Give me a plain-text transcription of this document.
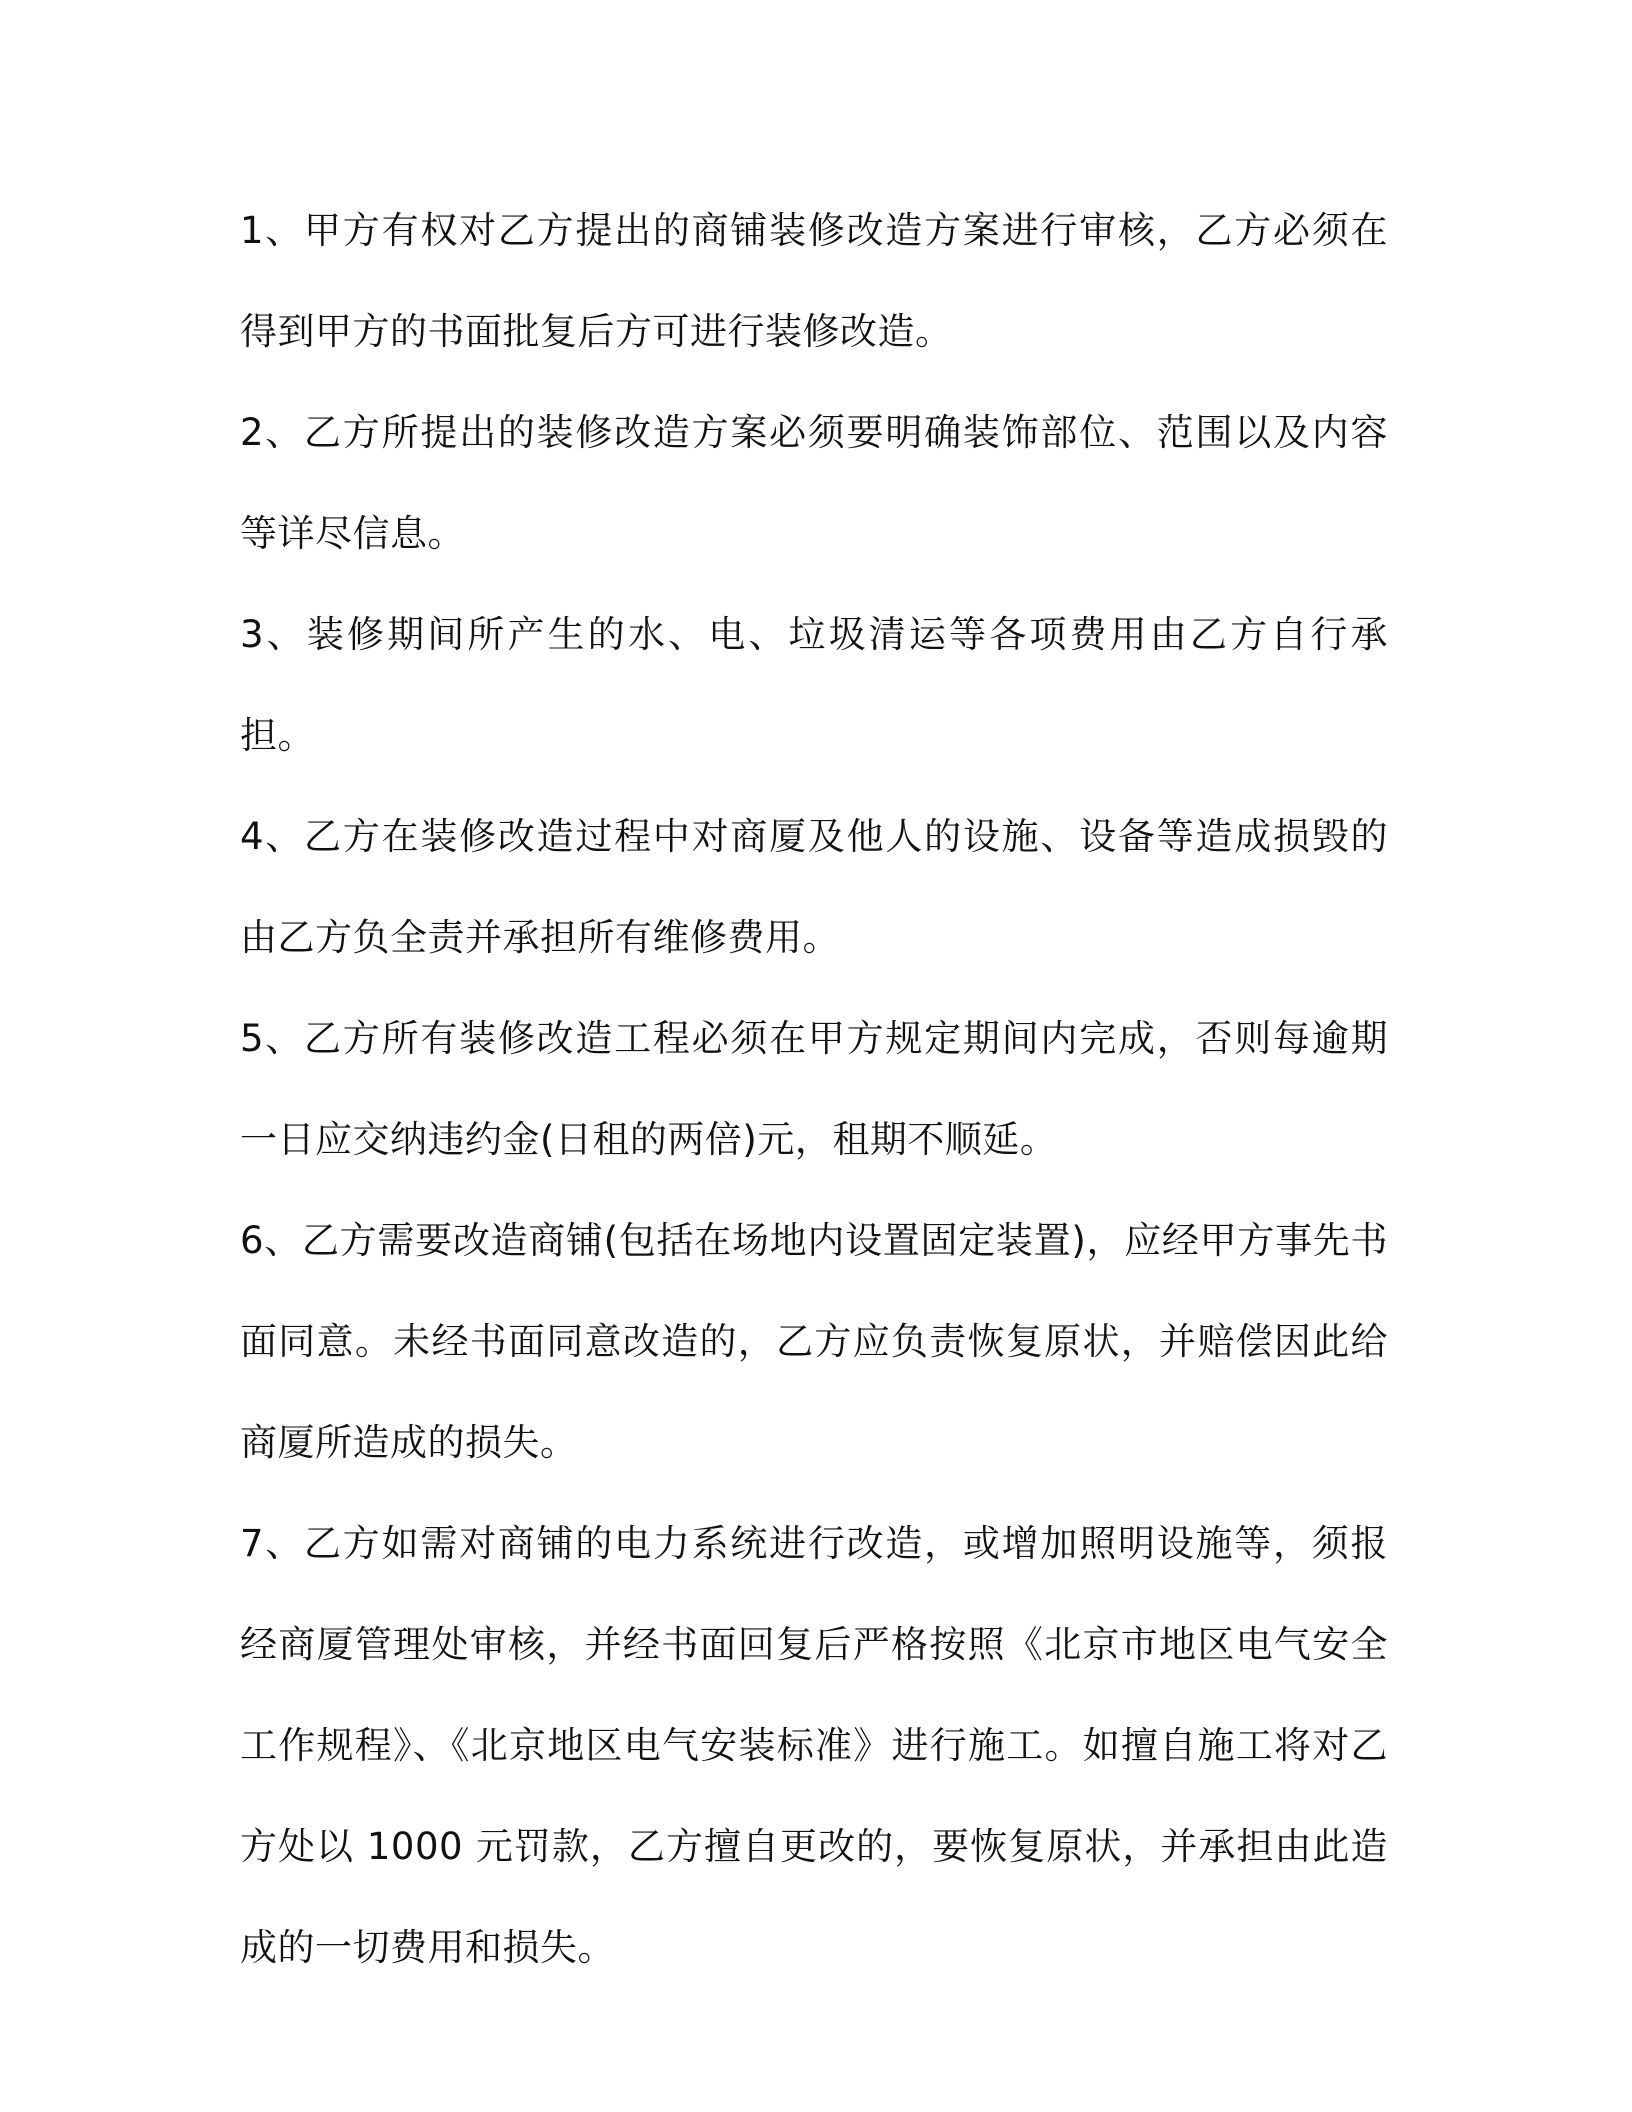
1、甲方有权对乙方提出的商铺装修改造方案进行审核，乙方必须在得到甲方的书面批复后方可进行装修改造。

2、乙方所提出的装修改造方案必须要明确装饰部位、范围以及内容等详尽信息。

3、装修期间所产生的水、电、垃圾清运等各项费用由乙方自行承担。

4、乙方在装修改造过程中对商厦及他人的设施、设备等造成损毁的由乙方负全责并承担所有维修费用。

5、乙方所有装修改造工程必须在甲方规定期间内完成，否则每逾期一日应交纳违约金(日租的两倍)元，租期不顺延。

6、乙方需要改造商铺(包括在场地内设置固定装置)，应经甲方事先书面同意。未经书面同意改造的，乙方应负责恢复原状，并赔偿因此给商厦所造成的损失。

7、乙方如需对商铺的电力系统进行改造，或增加照明设施等，须报经商厦管理处审核，并经书面回复后严格按照《北京市地区电气安全工作规程》、《北京地区电气安装标准》进行施工。如擅自施工将对乙方处以 1000 元罚款，乙方擅自更改的，要恢复原状，并承担由此造成的一切费用和损失。
